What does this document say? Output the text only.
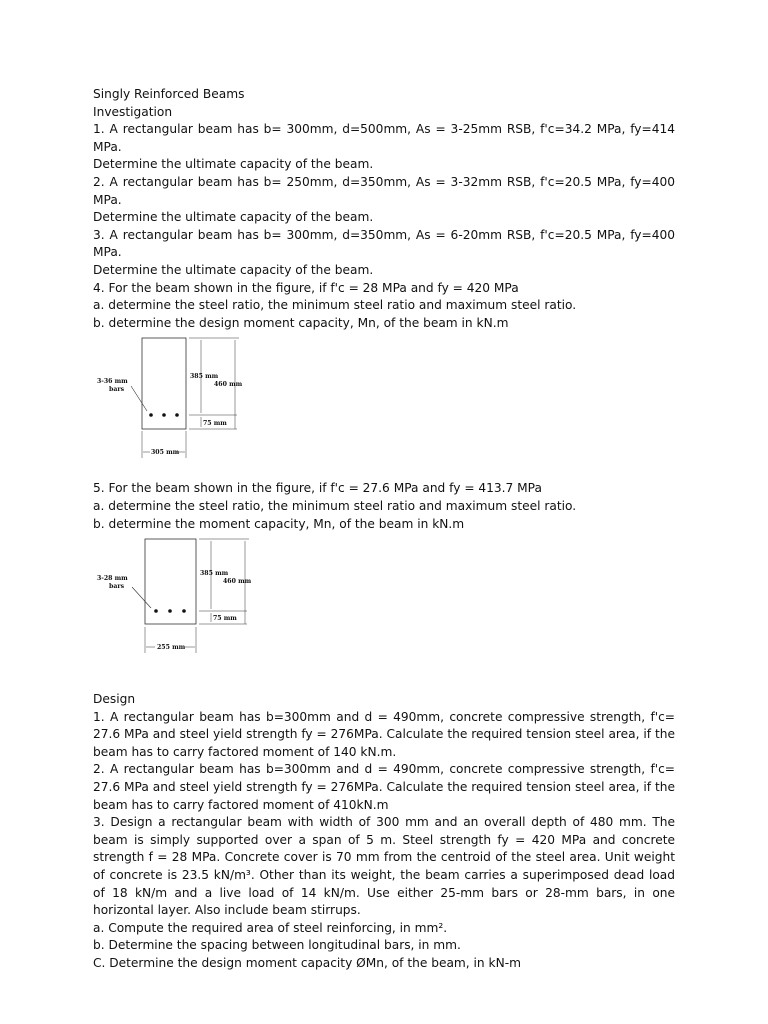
Singly Reinforced Beams

Investigation

1. A rectangular beam has b= 300mm, d=500mm, As = 3-25mm RSB, f'c=34.2 MPa, fy=414 MPa.

Determine the ultimate capacity of the beam.

2. A rectangular beam has b= 250mm, d=350mm, As = 3-32mm RSB, f'c=20.5 MPa, fy=400 MPa.

Determine the ultimate capacity of the beam.

3. A rectangular beam has b= 300mm, d=350mm, As = 6-20mm RSB, f'c=20.5 MPa, fy=400 MPa.

Determine the ultimate capacity of the beam.

4. For the beam shown in the figure, if f'c = 28 MPa and fy = 420 MPa

a. determine the steel ratio, the minimum steel ratio and maximum steel ratio.

b. determine the design moment capacity, Mn, of the beam in kN.m

3-36 mm
bars
385 mm
460 mm
75 mm
305 mm

5. For the beam shown in the figure, if f'c = 27.6 MPa and fy = 413.7 MPa

a. determine the steel ratio, the minimum steel ratio and maximum steel ratio.

b. determine the moment capacity, Mn, of the beam in kN.m

3-28 mm
bars
385 mm
460 mm
75 mm
255 mm

Design

1. A rectangular beam has b=300mm and d = 490mm, concrete compressive strength, f'c= 27.6 MPa and steel yield strength fy = 276MPa. Calculate the required tension steel area, if the beam has to carry factored moment of 140 kN.m.

2. A rectangular beam has b=300mm and d = 490mm, concrete compressive strength, f'c= 27.6 MPa and steel yield strength fy = 276MPa. Calculate the required tension steel area, if the beam has to carry factored moment of 410kN.m

3. Design a rectangular beam with width of 300 mm and an overall depth of 480 mm. The beam is simply supported over a span of 5 m. Steel strength fy = 420 MPa and concrete strength f = 28 MPa. Concrete cover is 70 mm from the centroid of the steel area. Unit weight of concrete is 23.5 kN/m³. Other than its weight, the beam carries a superimposed dead load of 18 kN/m and a live load of 14 kN/m. Use either 25-mm bars or 28-mm bars, in one horizontal layer. Also include beam stirrups.

a. Compute the required area of steel reinforcing, in mm².

b. Determine the spacing between longitudinal bars, in mm.

C. Determine the design moment capacity ØMn, of the beam, in kN-m
